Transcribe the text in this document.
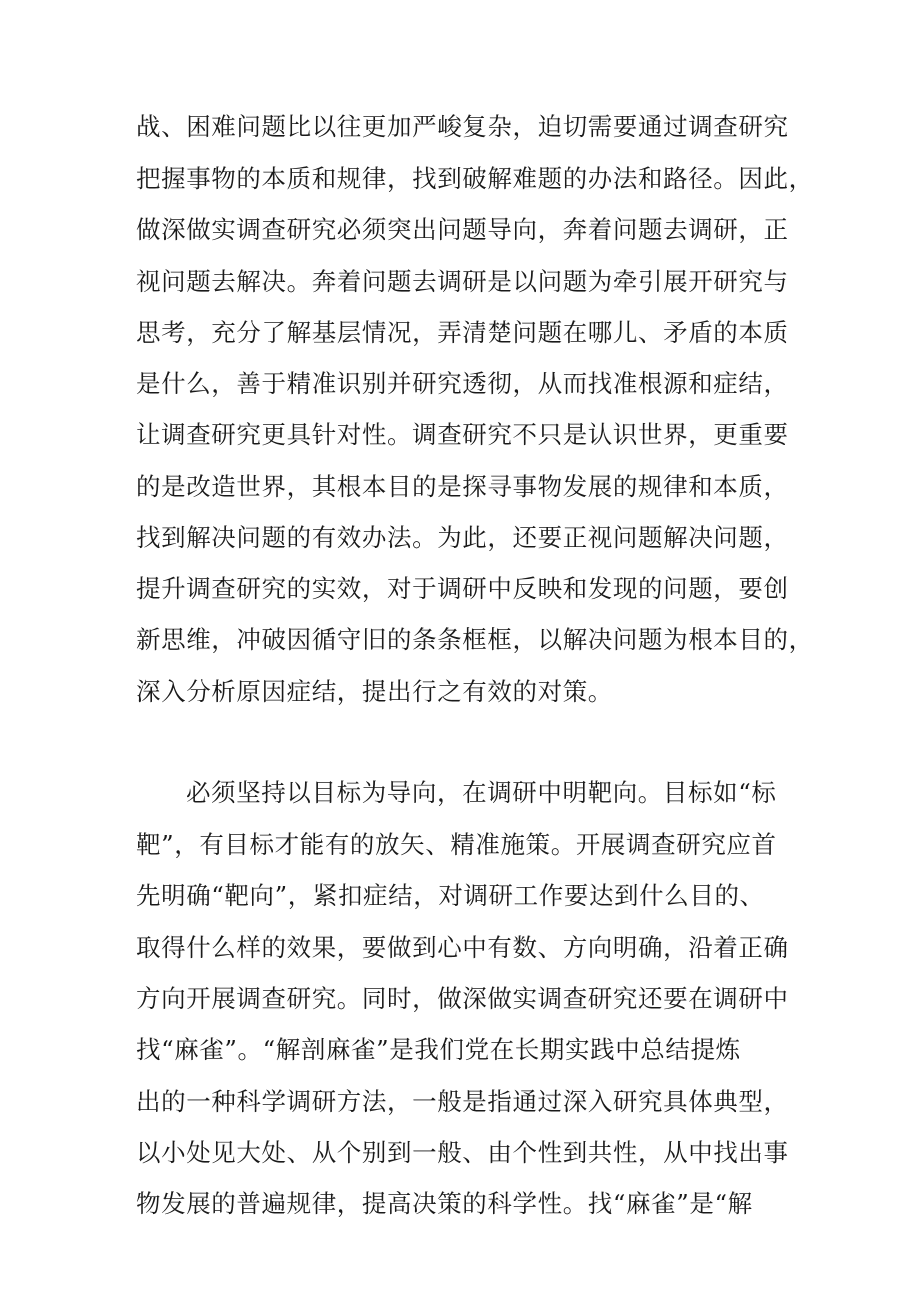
战、困难问题比以往更加严峻复杂，迫切需要通过调查研究
把握事物的本质和规律，找到破解难题的办法和路径。因此，
做深做实调查研究必须突出问题导向，奔着问题去调研，正
视问题去解决。奔着问题去调研是以问题为牵引展开研究与
思考，充分了解基层情况，弄清楚问题在哪儿、矛盾的本质
是什么，善于精准识别并研究透彻，从而找准根源和症结，
让调查研究更具针对性。调查研究不只是认识世界，更重要
的是改造世界，其根本目的是探寻事物发展的规律和本质，
找到解决问题的有效办法。为此，还要正视问题解决问题，
提升调查研究的实效，对于调研中反映和发现的问题，要创
新思维，冲破因循守旧的条条框框，以解决问题为根本目的，
深入分析原因症结，提出行之有效的对策。
必须坚持以目标为导向，在调研中明靶向。目标如“标
靶”，有目标才能有的放矢、精准施策。开展调查研究应首
先明确“靶向”，紧扣症结，对调研工作要达到什么目的、
取得什么样的效果，要做到心中有数、方向明确，沿着正确
方向开展调查研究。同时，做深做实调查研究还要在调研中
找“麻雀”。“解剖麻雀”是我们党在长期实践中总结提炼
出的一种科学调研方法，一般是指通过深入研究具体典型，
以小处见大处、从个别到一般、由个性到共性，从中找出事
物发展的普遍规律，提高决策的科学性。找“麻雀”是“解
